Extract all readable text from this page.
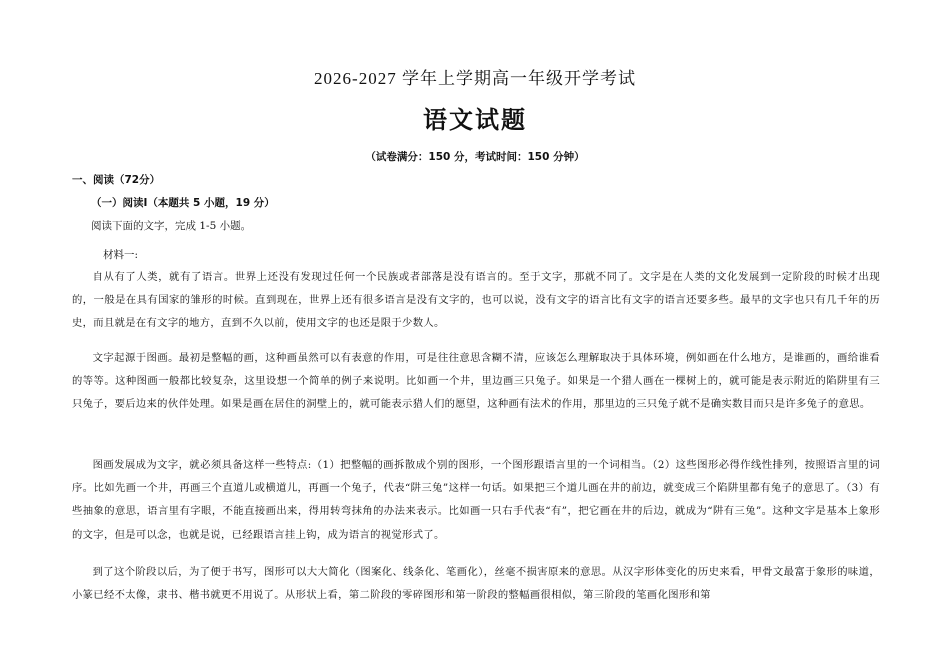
2026-2027 学年上学期高一年级开学考试
语文试题
（试卷满分：150 分，考试时间：150 分钟）
一、阅读（72分）
（一）阅读Ⅰ（本题共 5 小题，19 分）
阅读下面的文字，完成 1-5 小题。
材料一:

自从有了人类，就有了语言。世界上还没有发现过任何一个民族或者部落是没有语言的。至于文字，那就不同了。文字是在人类的文化发展到一定阶段的时候才出现的，一般是在具有国家的雏形的时候。直到现在，世界上还有很多语言是没有文字的，也可以说，没有文字的语言比有文字的语言还要多些。最早的文字也只有几千年的历史，而且就是在有文字的地方，直到不久以前，使用文字的也还是限于少数人。

文字起源于图画。最初是整幅的画，这种画虽然可以有表意的作用，可是往往意思含糊不清，应该怎么理解取决于具体环境，例如画在什么地方，是谁画的，画给谁看的等等。这种图画一般都比较复杂，这里设想一个简单的例子来说明。比如画一个井，里边画三只兔子。如果是一个猎人画在一棵树上的，就可能是表示附近的陷阱里有三只兔子，要后边来的伙伴处理。如果是画在居住的洞壁上的，就可能表示猎人们的愿望，这种画有法术的作用，那里边的三只兔子就不是确实数目而只是许多兔子的意思。

图画发展成为文字，就必须具备这样一些特点:（1）把整幅的画拆散成个别的图形，一个图形跟语言里的一个词相当。（2）这些图形必得作线性排列，按照语言里的词序。比如先画一个井，再画三个直道儿或横道儿，再画一个兔子，代表“阱三兔”这样一句话。如果把三个道儿画在井的前边，就变成三个陷阱里都有兔子的意思了。（3）有些抽象的意思，语言里有字眼，不能直接画出来，得用转弯抹角的办法来表示。比如画一只右手代表“有”，把它画在井的后边，就成为“阱有三兔”。这种文字是基本上象形的文字，但是可以念，也就是说，已经跟语言挂上钩，成为语言的视觉形式了。

到了这个阶段以后，为了便于书写，图形可以大大简化（图案化、线条化、笔画化），丝毫不损害原来的意思。从汉字形体变化的历史来看，甲骨文最富于象形的味道，小篆已经不太像，隶书、楷书就更不用说了。从形状上看，第二阶段的零碎图形和第一阶段的整幅画很相似，第三阶段的笔画化图形和第
